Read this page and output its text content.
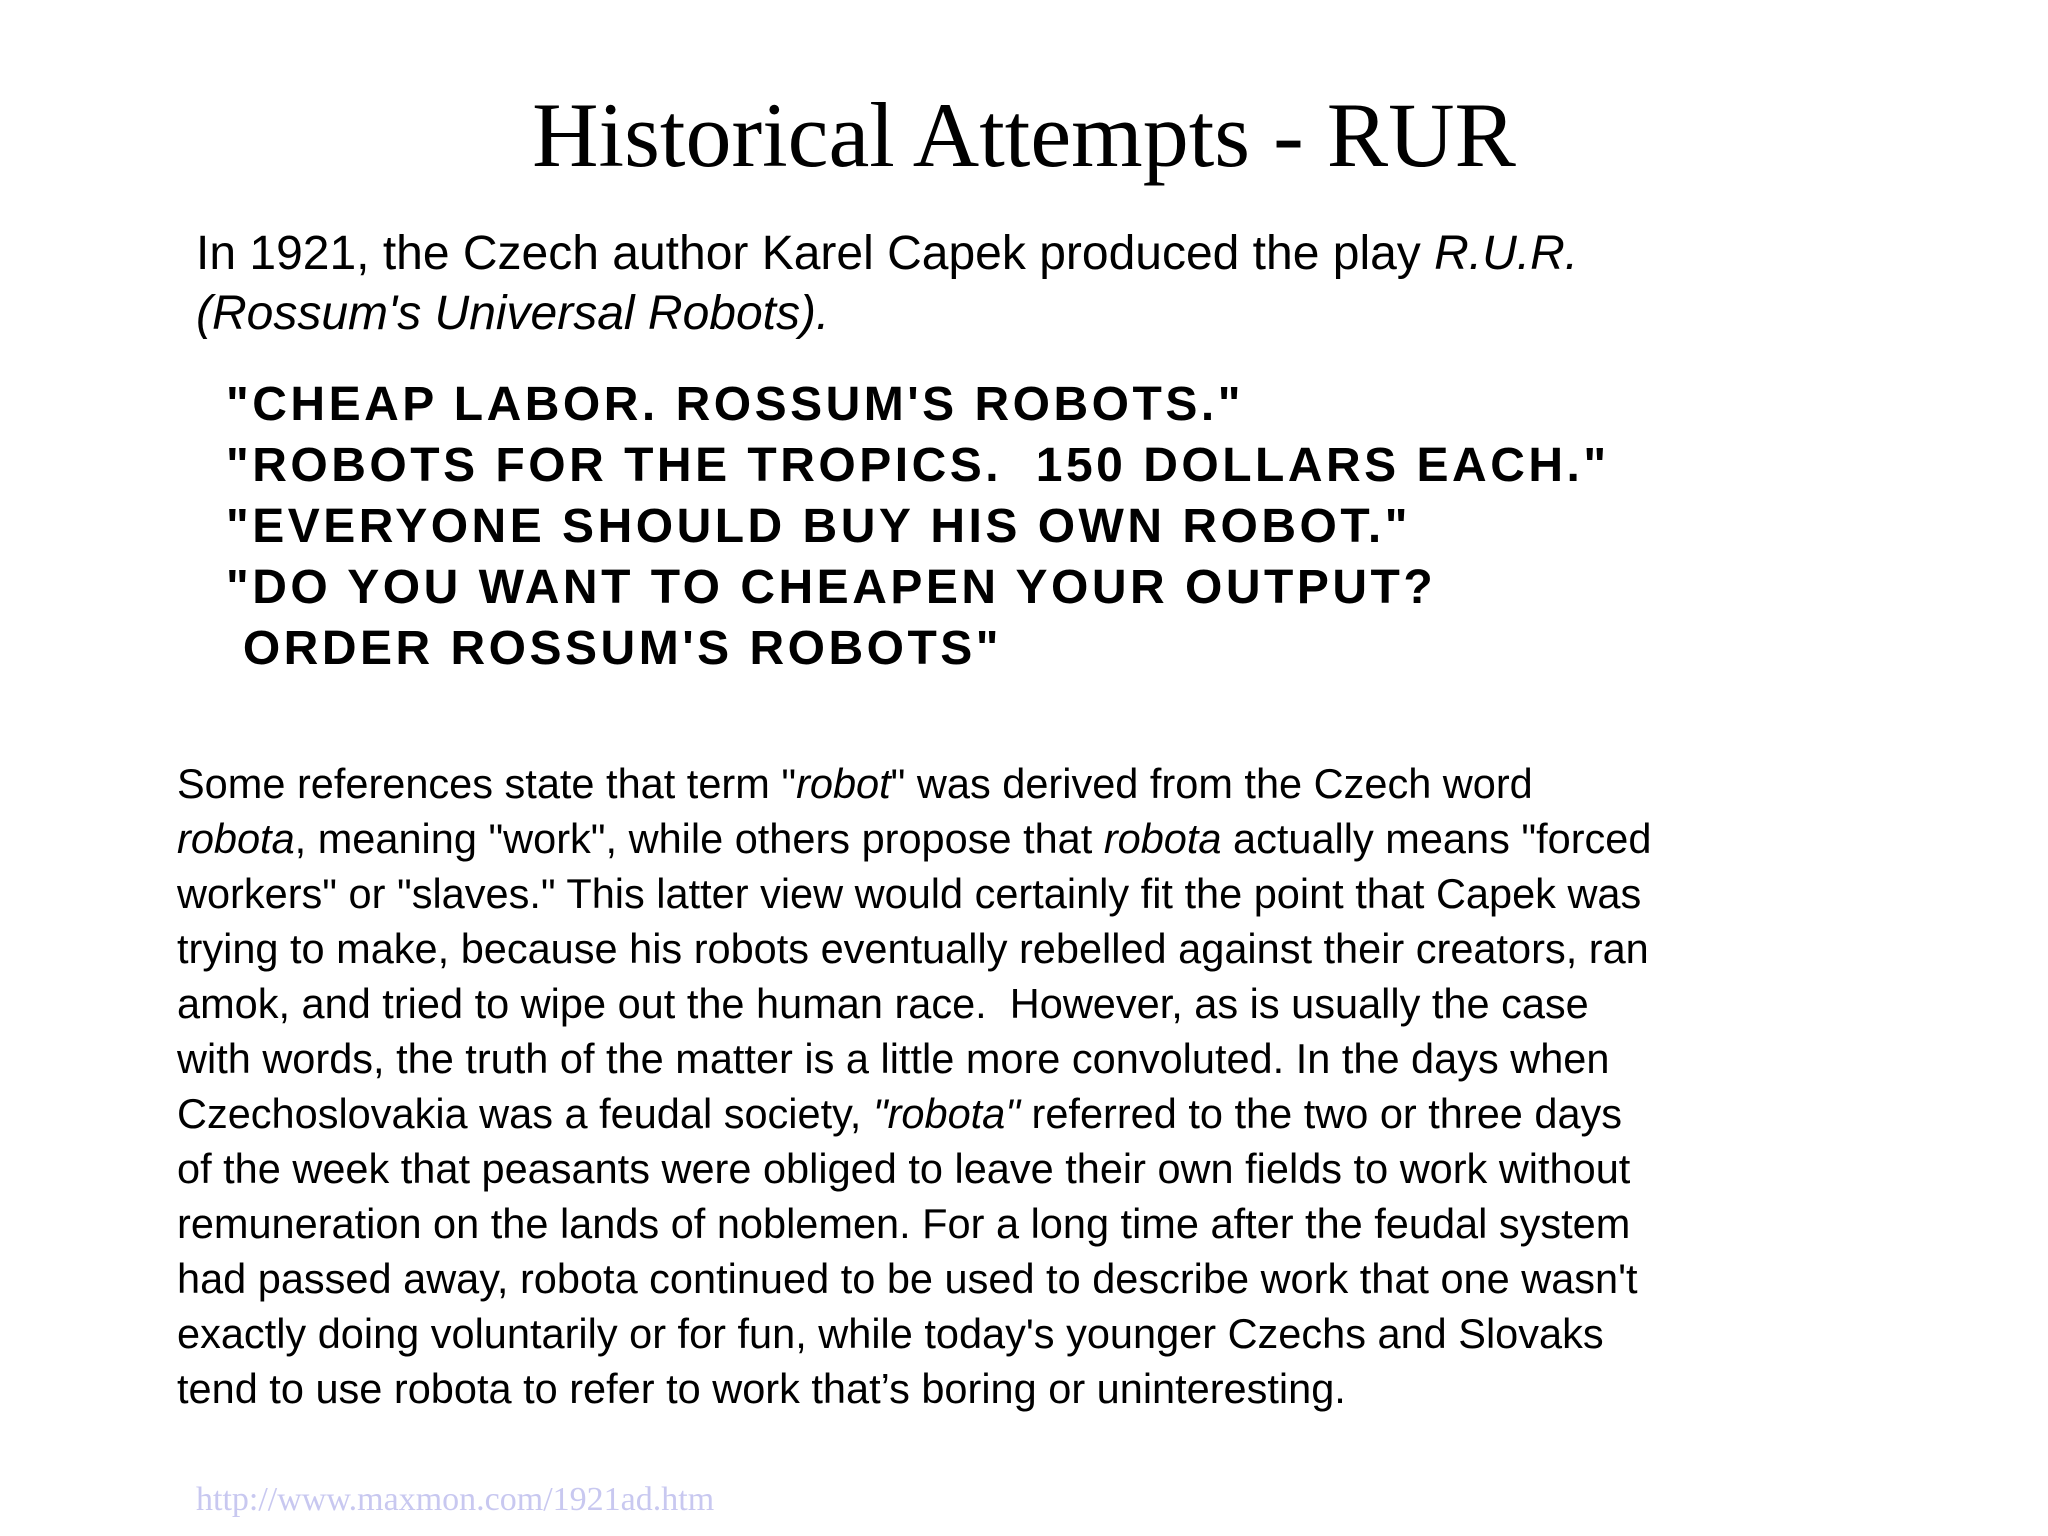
Historical Attempts - RUR
In 1921, the Czech author Karel Capek produced the play R.U.R.
(Rossum's Universal Robots).
"CHEAP LABOR. ROSSUM'S ROBOTS."
"ROBOTS FOR THE TROPICS.  150 DOLLARS EACH."
"EVERYONE SHOULD BUY HIS OWN ROBOT."
"DO YOU WANT TO CHEAPEN YOUR OUTPUT?
ORDER ROSSUM'S ROBOTS"
Some references state that term "robot" was derived from the Czech word
robota, meaning "work", while others propose that robota actually means "forced
workers" or "slaves." This latter view would certainly fit the point that Capek was
trying to make, because his robots eventually rebelled against their creators, ran
amok, and tried to wipe out the human race.  However, as is usually the case
with words, the truth of the matter is a little more convoluted. In the days when
Czechoslovakia was a feudal society, "robota" referred to the two or three days
of the week that peasants were obliged to leave their own fields to work without
remuneration on the lands of noblemen. For a long time after the feudal system
had passed away, robota continued to be used to describe work that one wasn't
exactly doing voluntarily or for fun, while today's younger Czechs and Slovaks
tend to use robota to refer to work that’s boring or uninteresting.
http://www.maxmon.com/1921ad.htm
